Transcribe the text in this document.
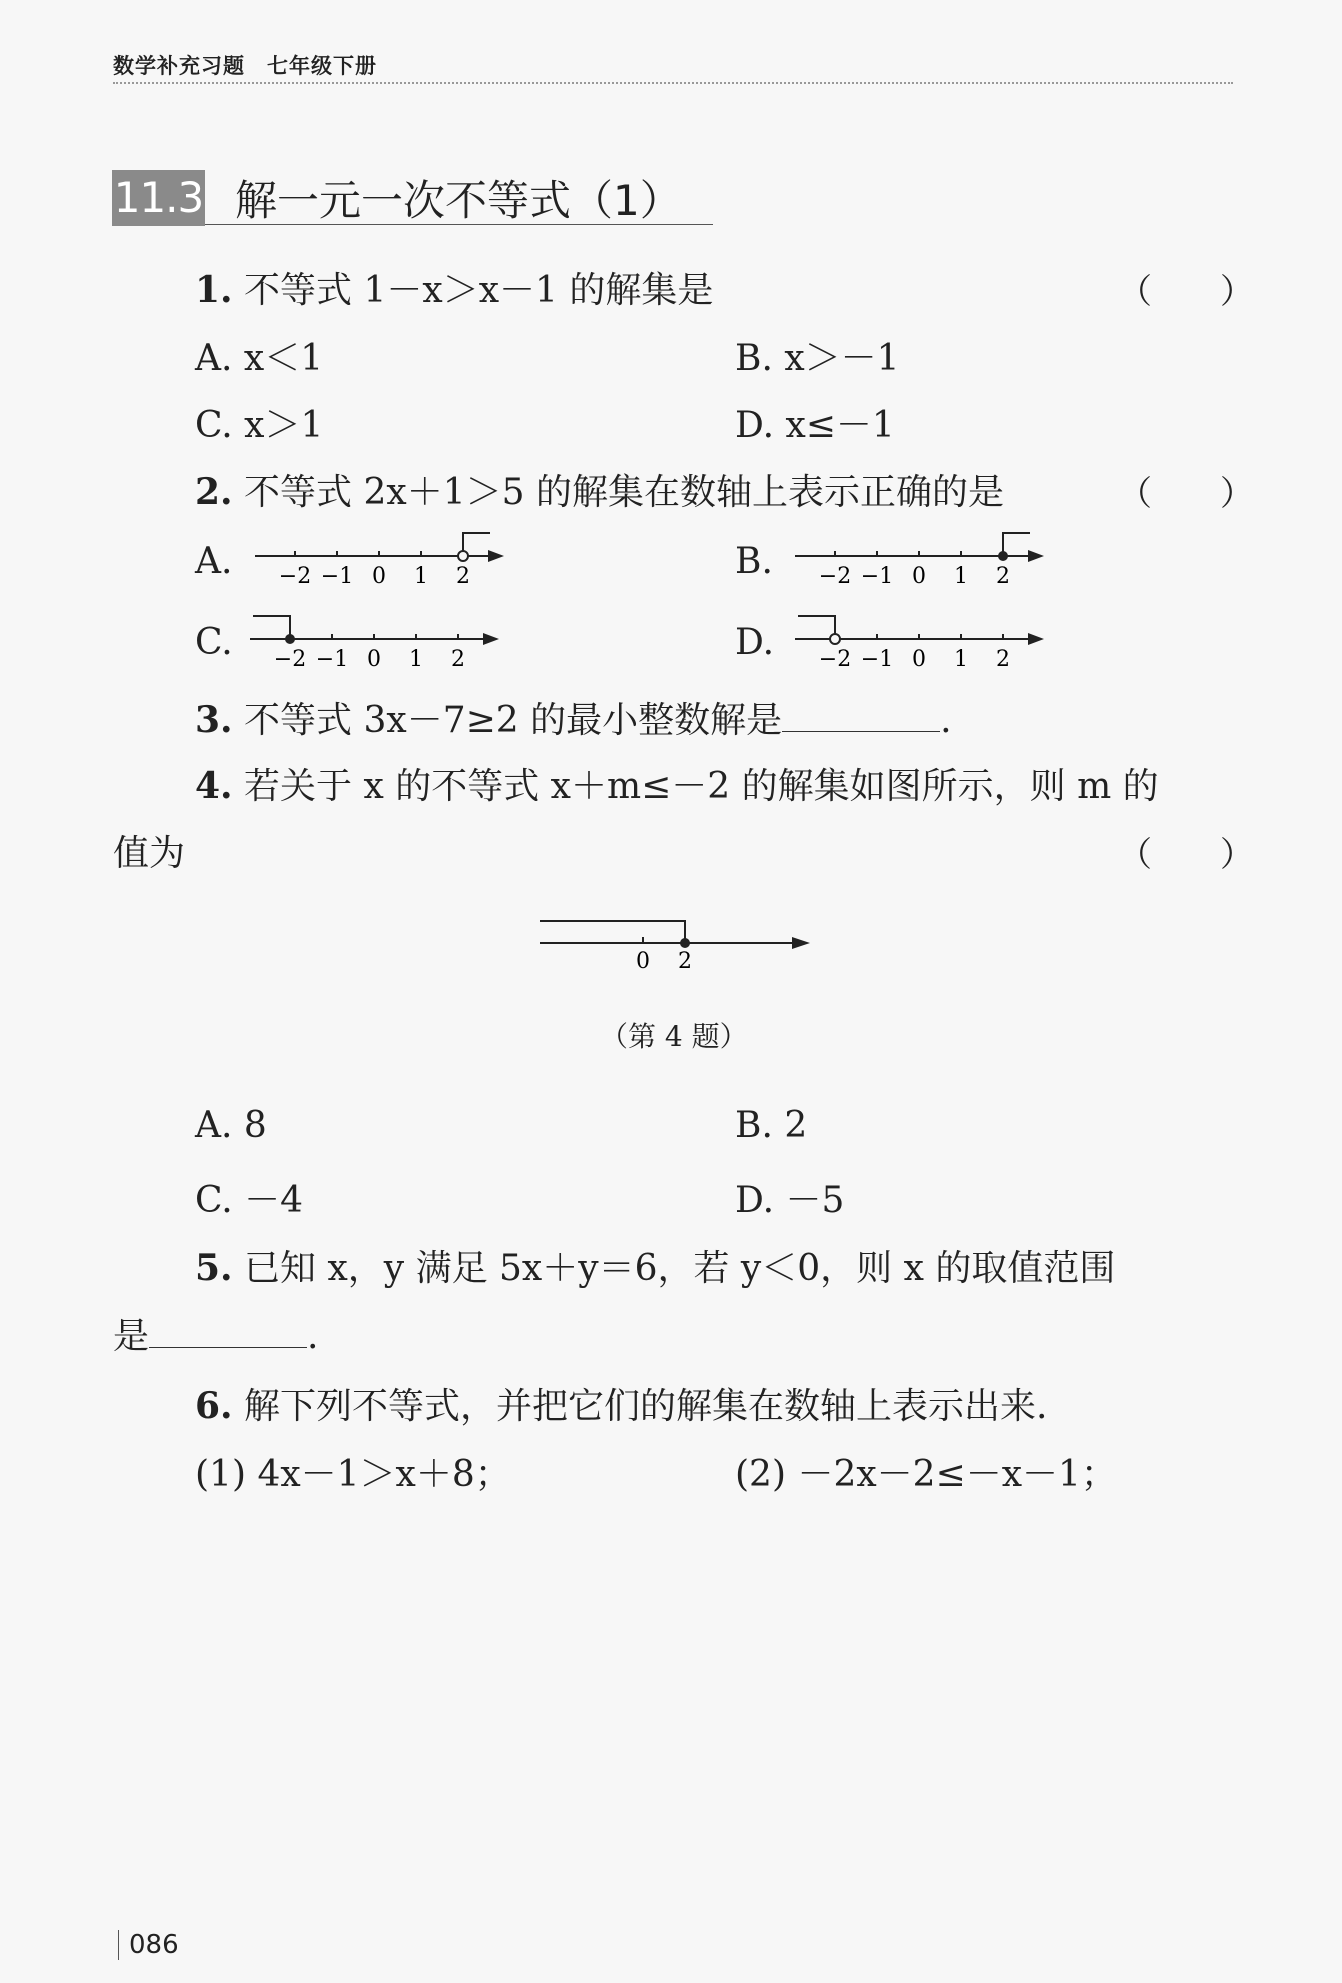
数学补充习题　七年级下册
11.3 解一元一次不等式（1）
1. 不等式 1－x＞x－1 的解集是	（　　）
A. x＜1	B. x＞－1
C. x＞1	D. x≤－1
2. 不等式 2x＋1＞5 的解集在数轴上表示正确的是	（　　）
A. −2 −1 0 1 2	B. −2 −1 0 1 2
C. −2 −1 0 1 2	D. −2 −1 0 1 2
3. 不等式 3x－7≥2 的最小整数解是	.
4. 若关于 x 的不等式 x＋m≤－2 的解集如图所示，则 m 的
值为	（　　）
0 2
（第 4 题）
A. 8	B. 2
C. －4	D. －5
5. 已知 x，y 满足 5x＋y＝6，若 y＜0，则 x 的取值范围
是	.
6. 解下列不等式，并把它们的解集在数轴上表示出来.
(1) 4x－1＞x＋8；	(2) －2x－2≤－x－1；
086
